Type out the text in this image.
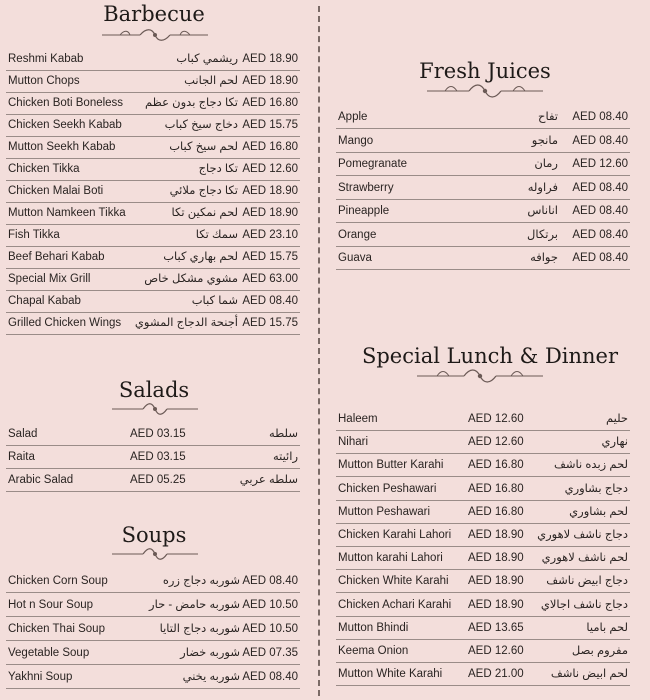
Barbecue
Reshmi Kabab	ريشمي كباب AED 18.90
Mutton Chops	لحم الجانب AED 18.90
Chicken Boti Boneless تكا دجاج بدون عظم AED 16.80
Chicken Seekh Kabab	دخاج سيخ كباب AED 15.75
Mutton Seekh Kabab	لحم سيخ كباب AED 16.80
Chicken Tikka	تكا دجاج AED 12.60
Chicken Malai Boti	تكا دجاج ملائي AED 18.90
Mutton Namkeen Tikka	لحم نمكين تكا AED 18.90
Fish Tikka	سمك تكا AED 23.10
Beef Behari Kabab	لحم بهاري كباب AED 15.75
Special Mix Grill	مشوي مشكل خاص AED 63.00
Chapal Kabab	شما كباب AED 08.40
Grilled Chicken Wings أجنحة الدجاج المشوي AED 15.75
Salads
Salad	AED 03.15	سلطه
Raita	AED 03.15	رائيته
Arabic Salad	AED 05.25	سلطه عربي
Soups
Chicken Corn Soup	شوربه دجاج زره AED 08.40
Hot n Sour Soup	شوربه حامض - حار AED 10.50
Chicken Thai Soup	شوربه دجاج التايا AED 10.50
Vegetable Soup	شوربه خضار AED 07.35
Yakhni Soup	شوربه يخني AED 08.40
Fresh Juices
Apple	تفاح AED 08.40
Mango	مانجو AED 08.40
Pomegranate	رمان AED 12.60
Strawberry	فراوله AED 08.40
Pineapple	اناناس AED 08.40
Orange	برتكال AED 08.40
Guava	جوافه AED 08.40
Special Lunch & Dinner
Haleem	AED 12.60	حليم
Nihari	AED 12.60	نهاري
Mutton Butter Karahi AED 16.80	لحم زبده ناشف
Chicken Peshawari	AED 16.80	دجاج بشاوري
Mutton Peshawari	AED 16.80	لحم بشاوري
Chicken Karahi Lahori AED 18.90 دجاج ناشف لاهوري
Mutton karahi Lahori AED 18.90 لحم ناشف لاهوري
Chicken White Karahi AED 18.90 دجاج ابيض ناشف
Chicken Achari Karahi AED 18.90 دجاج ناشف اجالاي
Mutton Bhindi	AED 13.65	لحم باميا
Keema Onion	AED 12.60	مفروم بصل
Mutton White Karahi AED 21.00 لحم ابيض ناشف
